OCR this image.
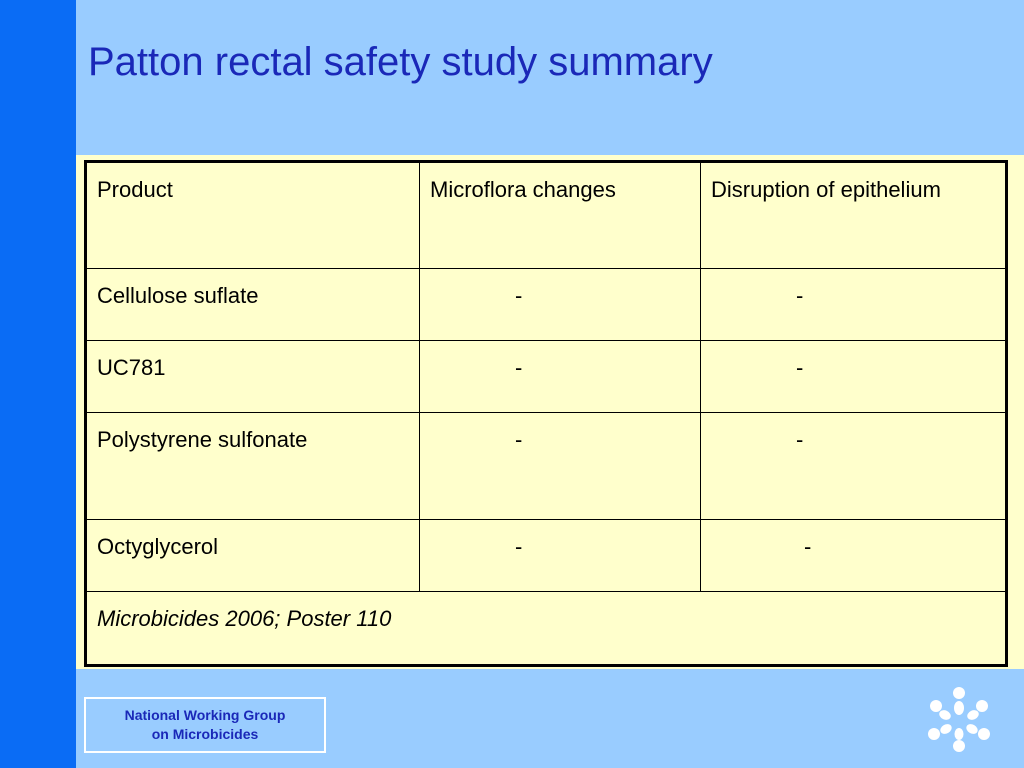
Patton rectal safety study summary
Product	Microflora changes	Disruption of epithelium
Cellulose suflate	-	-
UC781	-	-
Polystyrene sulfonate	-	-
Octyglycerol	-	-
Microbicides 2006; Poster 110		
National Working Group
on Microbicides
